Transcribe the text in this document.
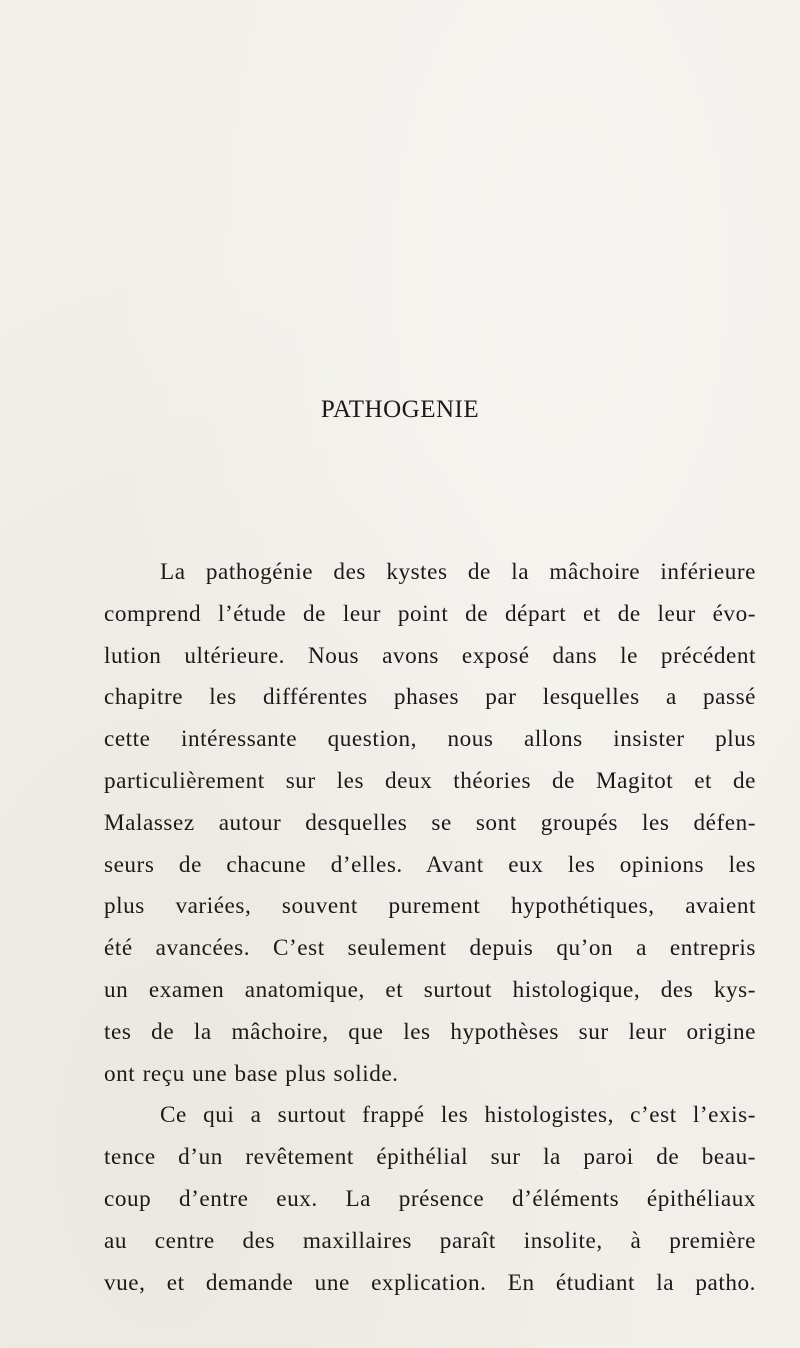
PATHOGENIE
La pathogénie des kystes de la mâchoire inférieure
comprend l’étude de leur point de départ et de leur évo-
lution ultérieure. Nous avons exposé dans le précédent
chapitre les différentes phases par lesquelles a passé
cette intéressante question, nous allons insister plus
particulièrement sur les deux théories de Magitot et de
Malassez autour desquelles se sont groupés les défen-
seurs de chacune d’elles. Avant eux les opinions les
plus variées, souvent purement hypothétiques, avaient
été avancées. C’est seulement depuis qu’on a entrepris
un examen anatomique, et surtout histologique, des kys-
tes de la mâchoire, que les hypothèses sur leur origine
ont reçu une base plus solide.
Ce qui a surtout frappé les histologistes, c’est l’exis-
tence d’un revêtement épithélial sur la paroi de beau-
coup d’entre eux. La présence d’éléments épithéliaux
au centre des maxillaires paraît insolite, à première
vue, et demande une explication. En étudiant la patho.
